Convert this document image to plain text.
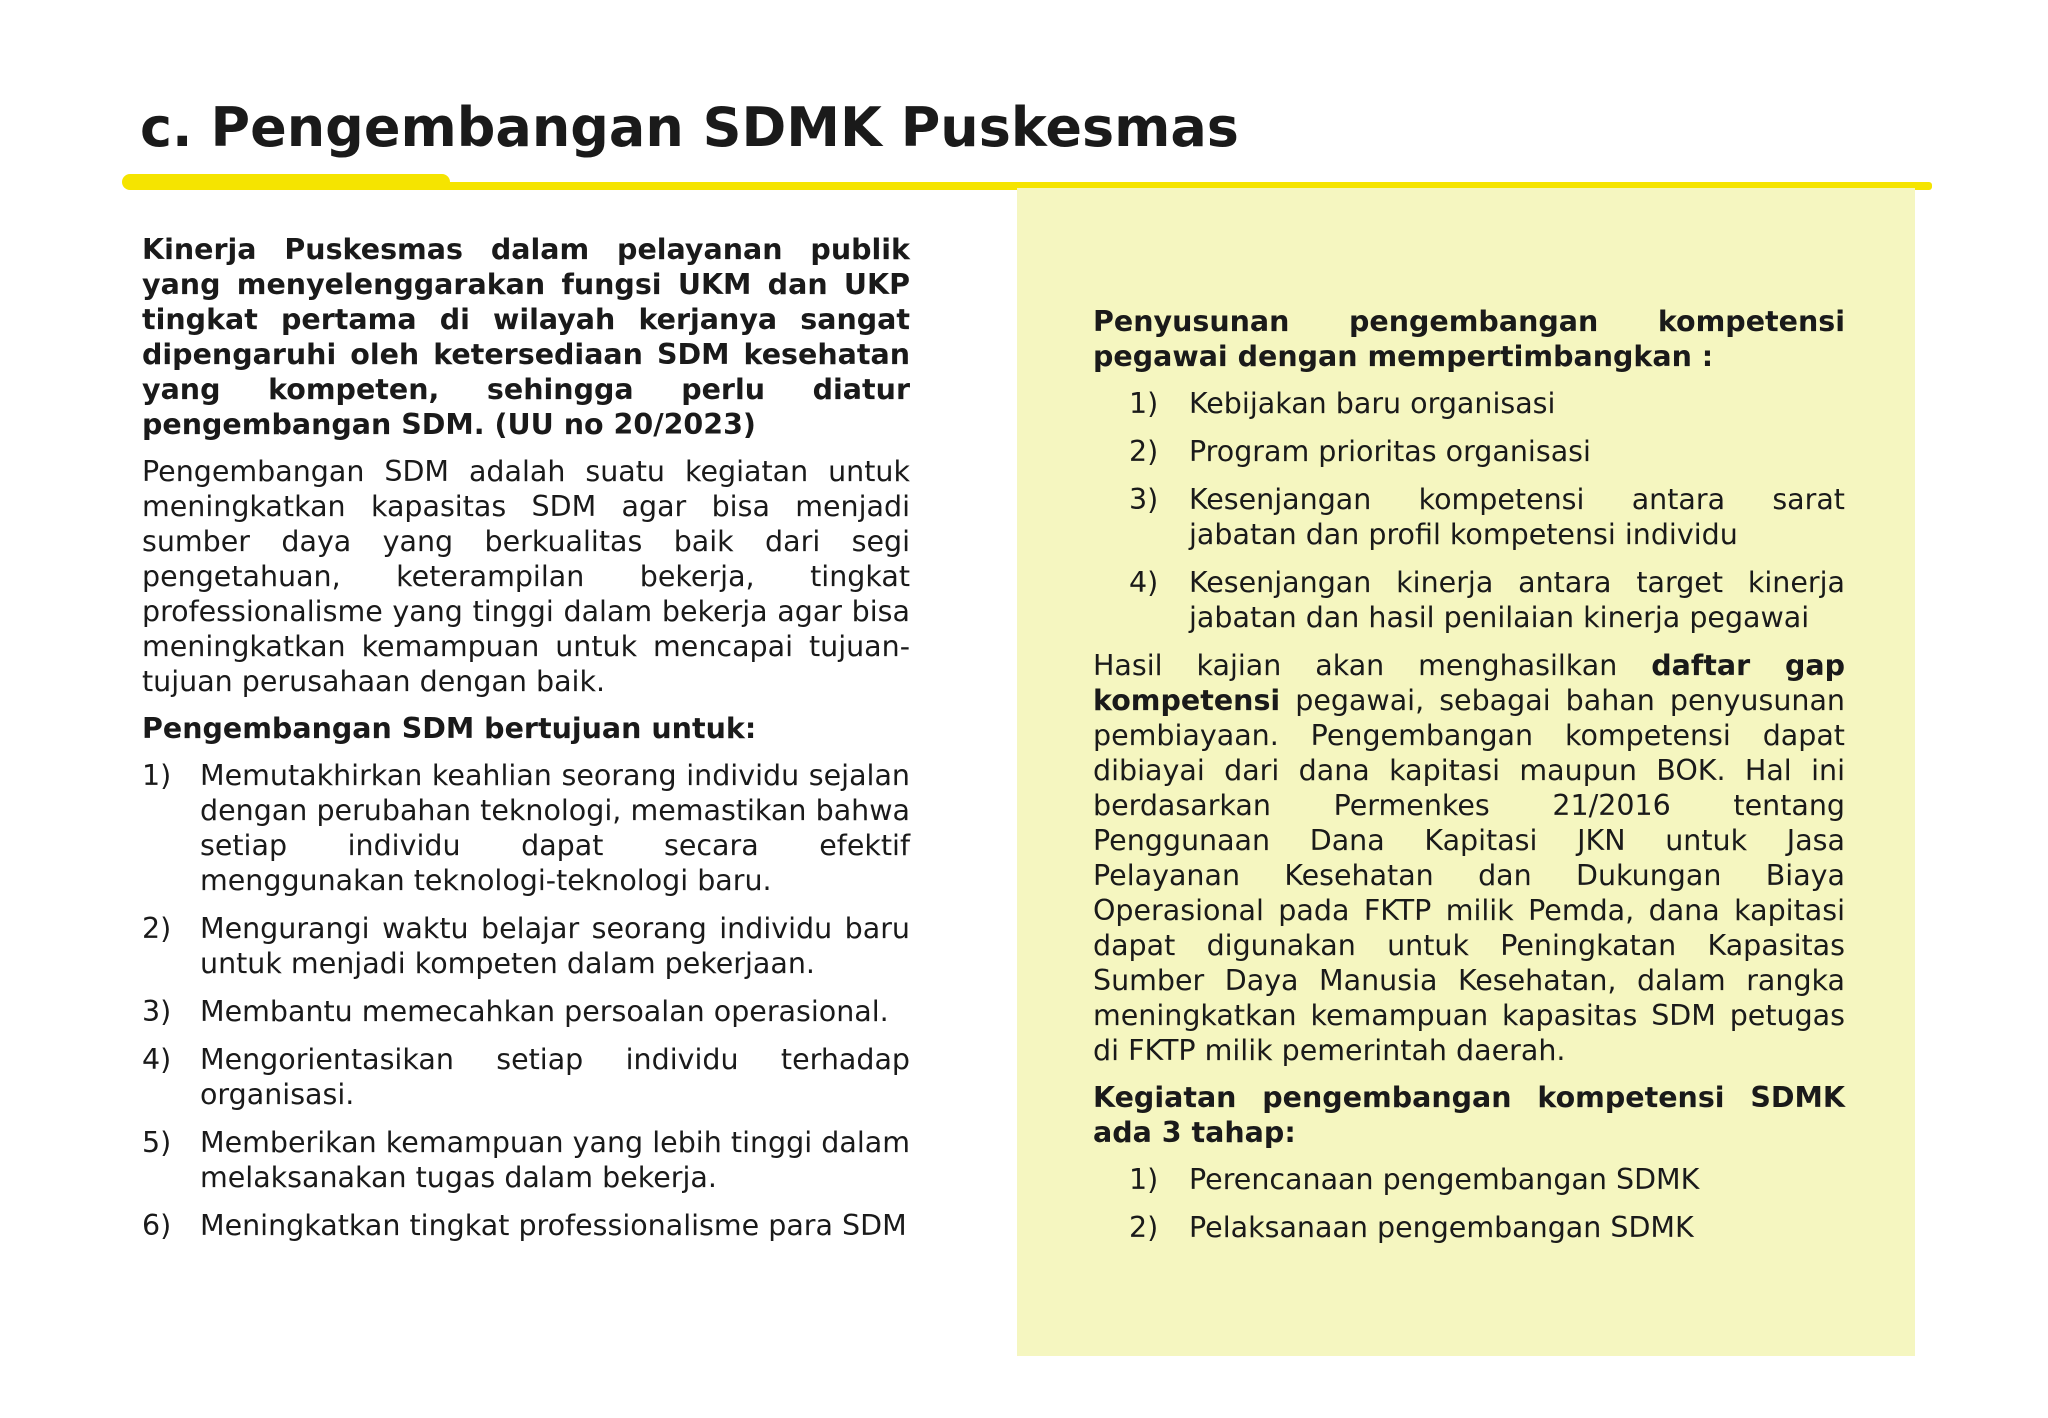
c. Pengembangan SDMK Puskesmas

Kinerja Puskesmas dalam pelayanan publik yang menyelenggarakan fungsi UKM dan UKP tingkat pertama di wilayah kerjanya sangat dipengaruhi oleh ketersediaan SDM kesehatan yang kompeten, sehingga perlu diatur pengembangan SDM. (UU no 20/2023)

Pengembangan SDM adalah suatu kegiatan untuk meningkatkan kapasitas SDM agar bisa menjadi sumber daya yang berkualitas baik dari segi pengetahuan, keterampilan bekerja, tingkat professionalisme yang tinggi dalam bekerja agar bisa meningkatkan kemampuan untuk mencapai tujuan-tujuan perusahaan dengan baik.

Pengembangan SDM bertujuan untuk:

1)	Memutakhirkan keahlian seorang individu sejalan dengan perubahan teknologi, memastikan bahwa setiap individu dapat secara efektif menggunakan teknologi-teknologi baru.
2)	Mengurangi waktu belajar seorang individu baru untuk menjadi kompeten dalam pekerjaan.
3)	Membantu memecahkan persoalan operasional.
4)	Mengorientasikan setiap individu terhadap organisasi.
5)	Memberikan kemampuan yang lebih tinggi dalam melaksanakan tugas dalam bekerja.
6)	Meningkatkan tingkat professionalisme para SDM

Penyusunan pengembangan kompetensi pegawai dengan mempertimbangkan :

1)	Kebijakan baru organisasi
2)	Program prioritas organisasi
3)	Kesenjangan kompetensi antara sarat jabatan dan profil kompetensi individu
4)	Kesenjangan kinerja antara target kinerja jabatan dan hasil penilaian kinerja pegawai

Hasil kajian akan menghasilkan daftar gap kompetensi pegawai, sebagai bahan penyusunan pembiayaan. Pengembangan kompetensi dapat dibiayai dari dana kapitasi maupun BOK. Hal ini berdasarkan Permenkes 21/2016 tentang Penggunaan Dana Kapitasi JKN untuk Jasa Pelayanan Kesehatan dan Dukungan Biaya Operasional pada FKTP milik Pemda, dana kapitasi dapat digunakan untuk Peningkatan Kapasitas Sumber Daya Manusia Kesehatan, dalam rangka meningkatkan kemampuan kapasitas SDM petugas di FKTP milik pemerintah daerah.

Kegiatan pengembangan kompetensi SDMK ada 3 tahap:

1)	Perencanaan pengembangan SDMK
2)	Pelaksanaan pengembangan SDMK
